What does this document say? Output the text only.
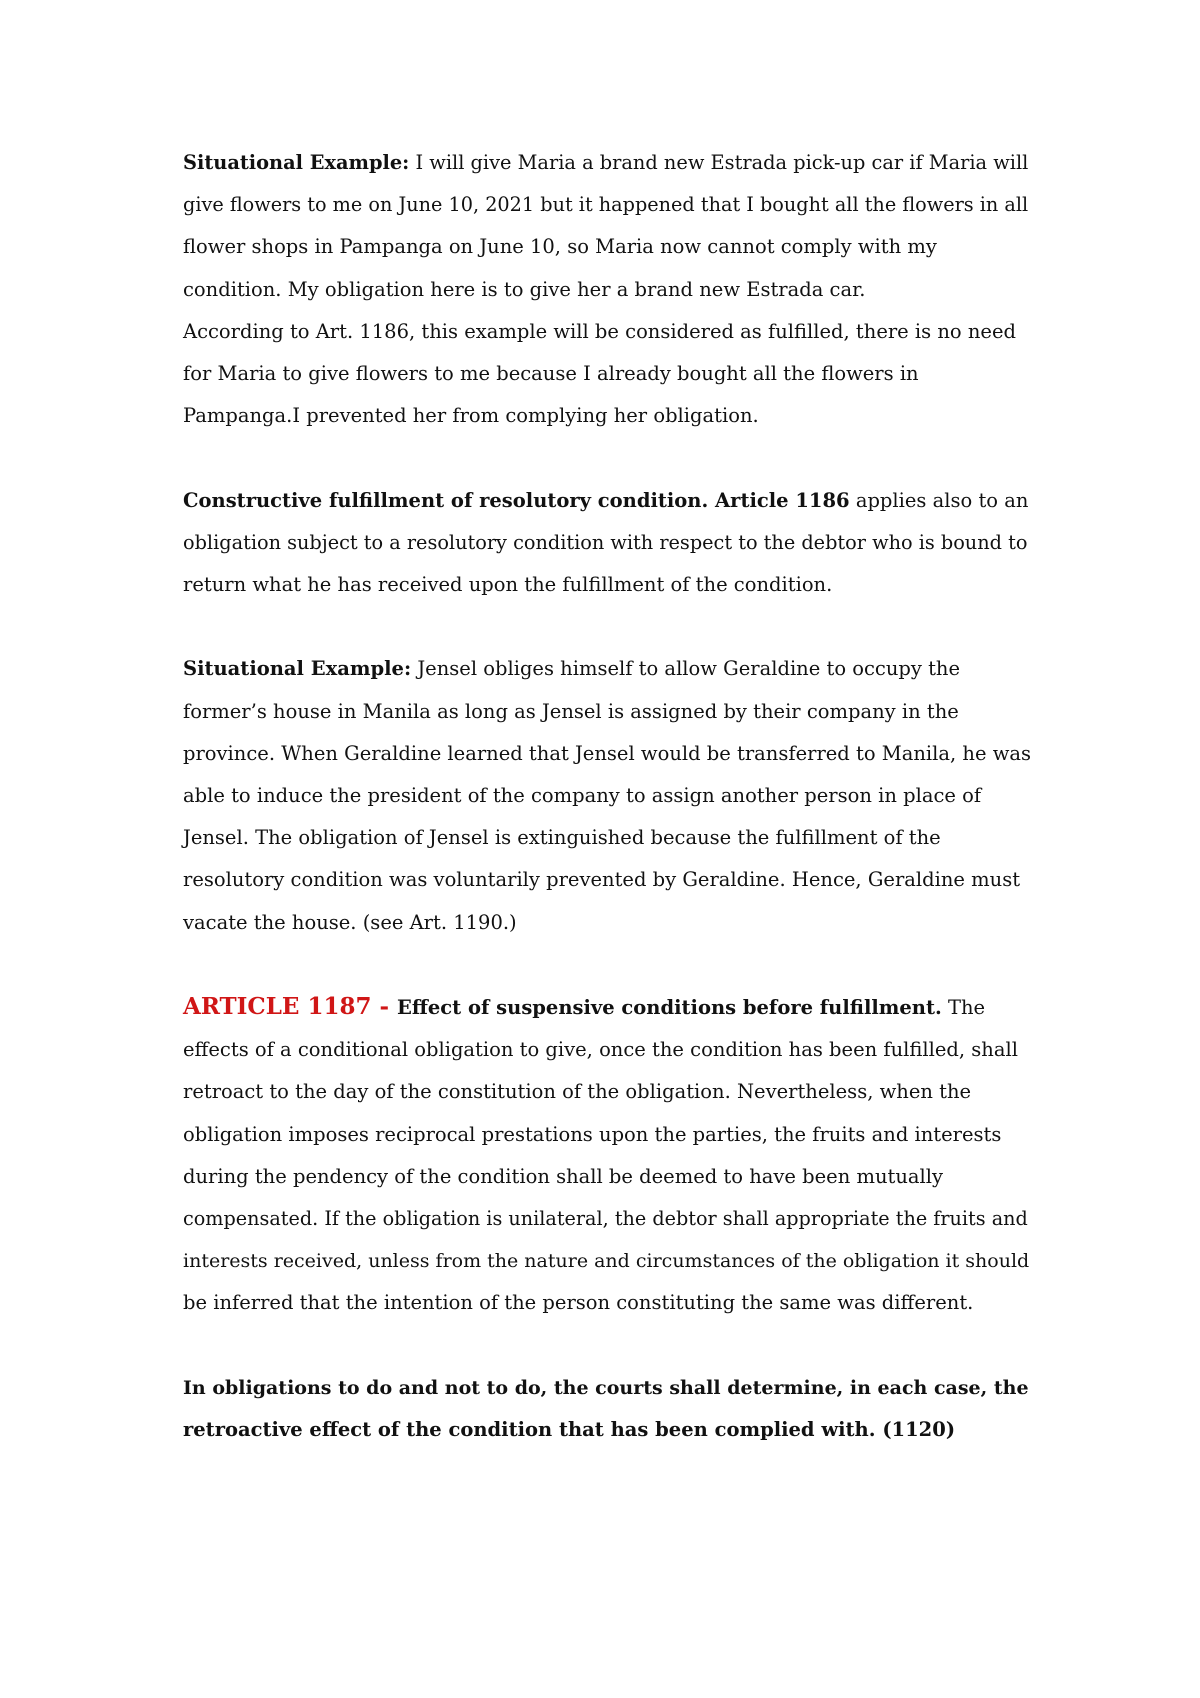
Situational Example: I will give Maria a brand new Estrada pick-up car if Maria will
give flowers to me on June 10, 2021 but it happened that I bought all the flowers in all
flower shops in Pampanga on June 10, so Maria now cannot comply with my
condition. My obligation here is to give her a brand new Estrada car.
According to Art. 1186, this example will be considered as fulfilled, there is no need
for Maria to give flowers to me because I already bought all the flowers in
Pampanga.I prevented her from complying her obligation.
Constructive fulfillment of resolutory condition. Article 1186 applies also to an
obligation subject to a resolutory condition with respect to the debtor who is bound to
return what he has received upon the fulfillment of the condition.
Situational Example: Jensel obliges himself to allow Geraldine to occupy the
former’s house in Manila as long as Jensel is assigned by their company in the
province. When Geraldine learned that Jensel would be transferred to Manila, he was
able to induce the president of the company to assign another person in place of
Jensel. The obligation of Jensel is extinguished because the fulfillment of the
resolutory condition was voluntarily prevented by Geraldine. Hence, Geraldine must
vacate the house. (see Art. 1190.)
ARTICLE 1187 - Effect of suspensive conditions before fulfillment. The
effects of a conditional obligation to give, once the condition has been fulfilled, shall
retroact to the day of the constitution of the obligation. Nevertheless, when the
obligation imposes reciprocal prestations upon the parties, the fruits and interests
during the pendency of the condition shall be deemed to have been mutually
compensated. If the obligation is unilateral, the debtor shall appropriate the fruits and
interests received, unless from the nature and circumstances of the obligation it should
be inferred that the intention of the person constituting the same was different.
In obligations to do and not to do, the courts shall determine, in each case, the
retroactive effect of the condition that has been complied with. (1120)
